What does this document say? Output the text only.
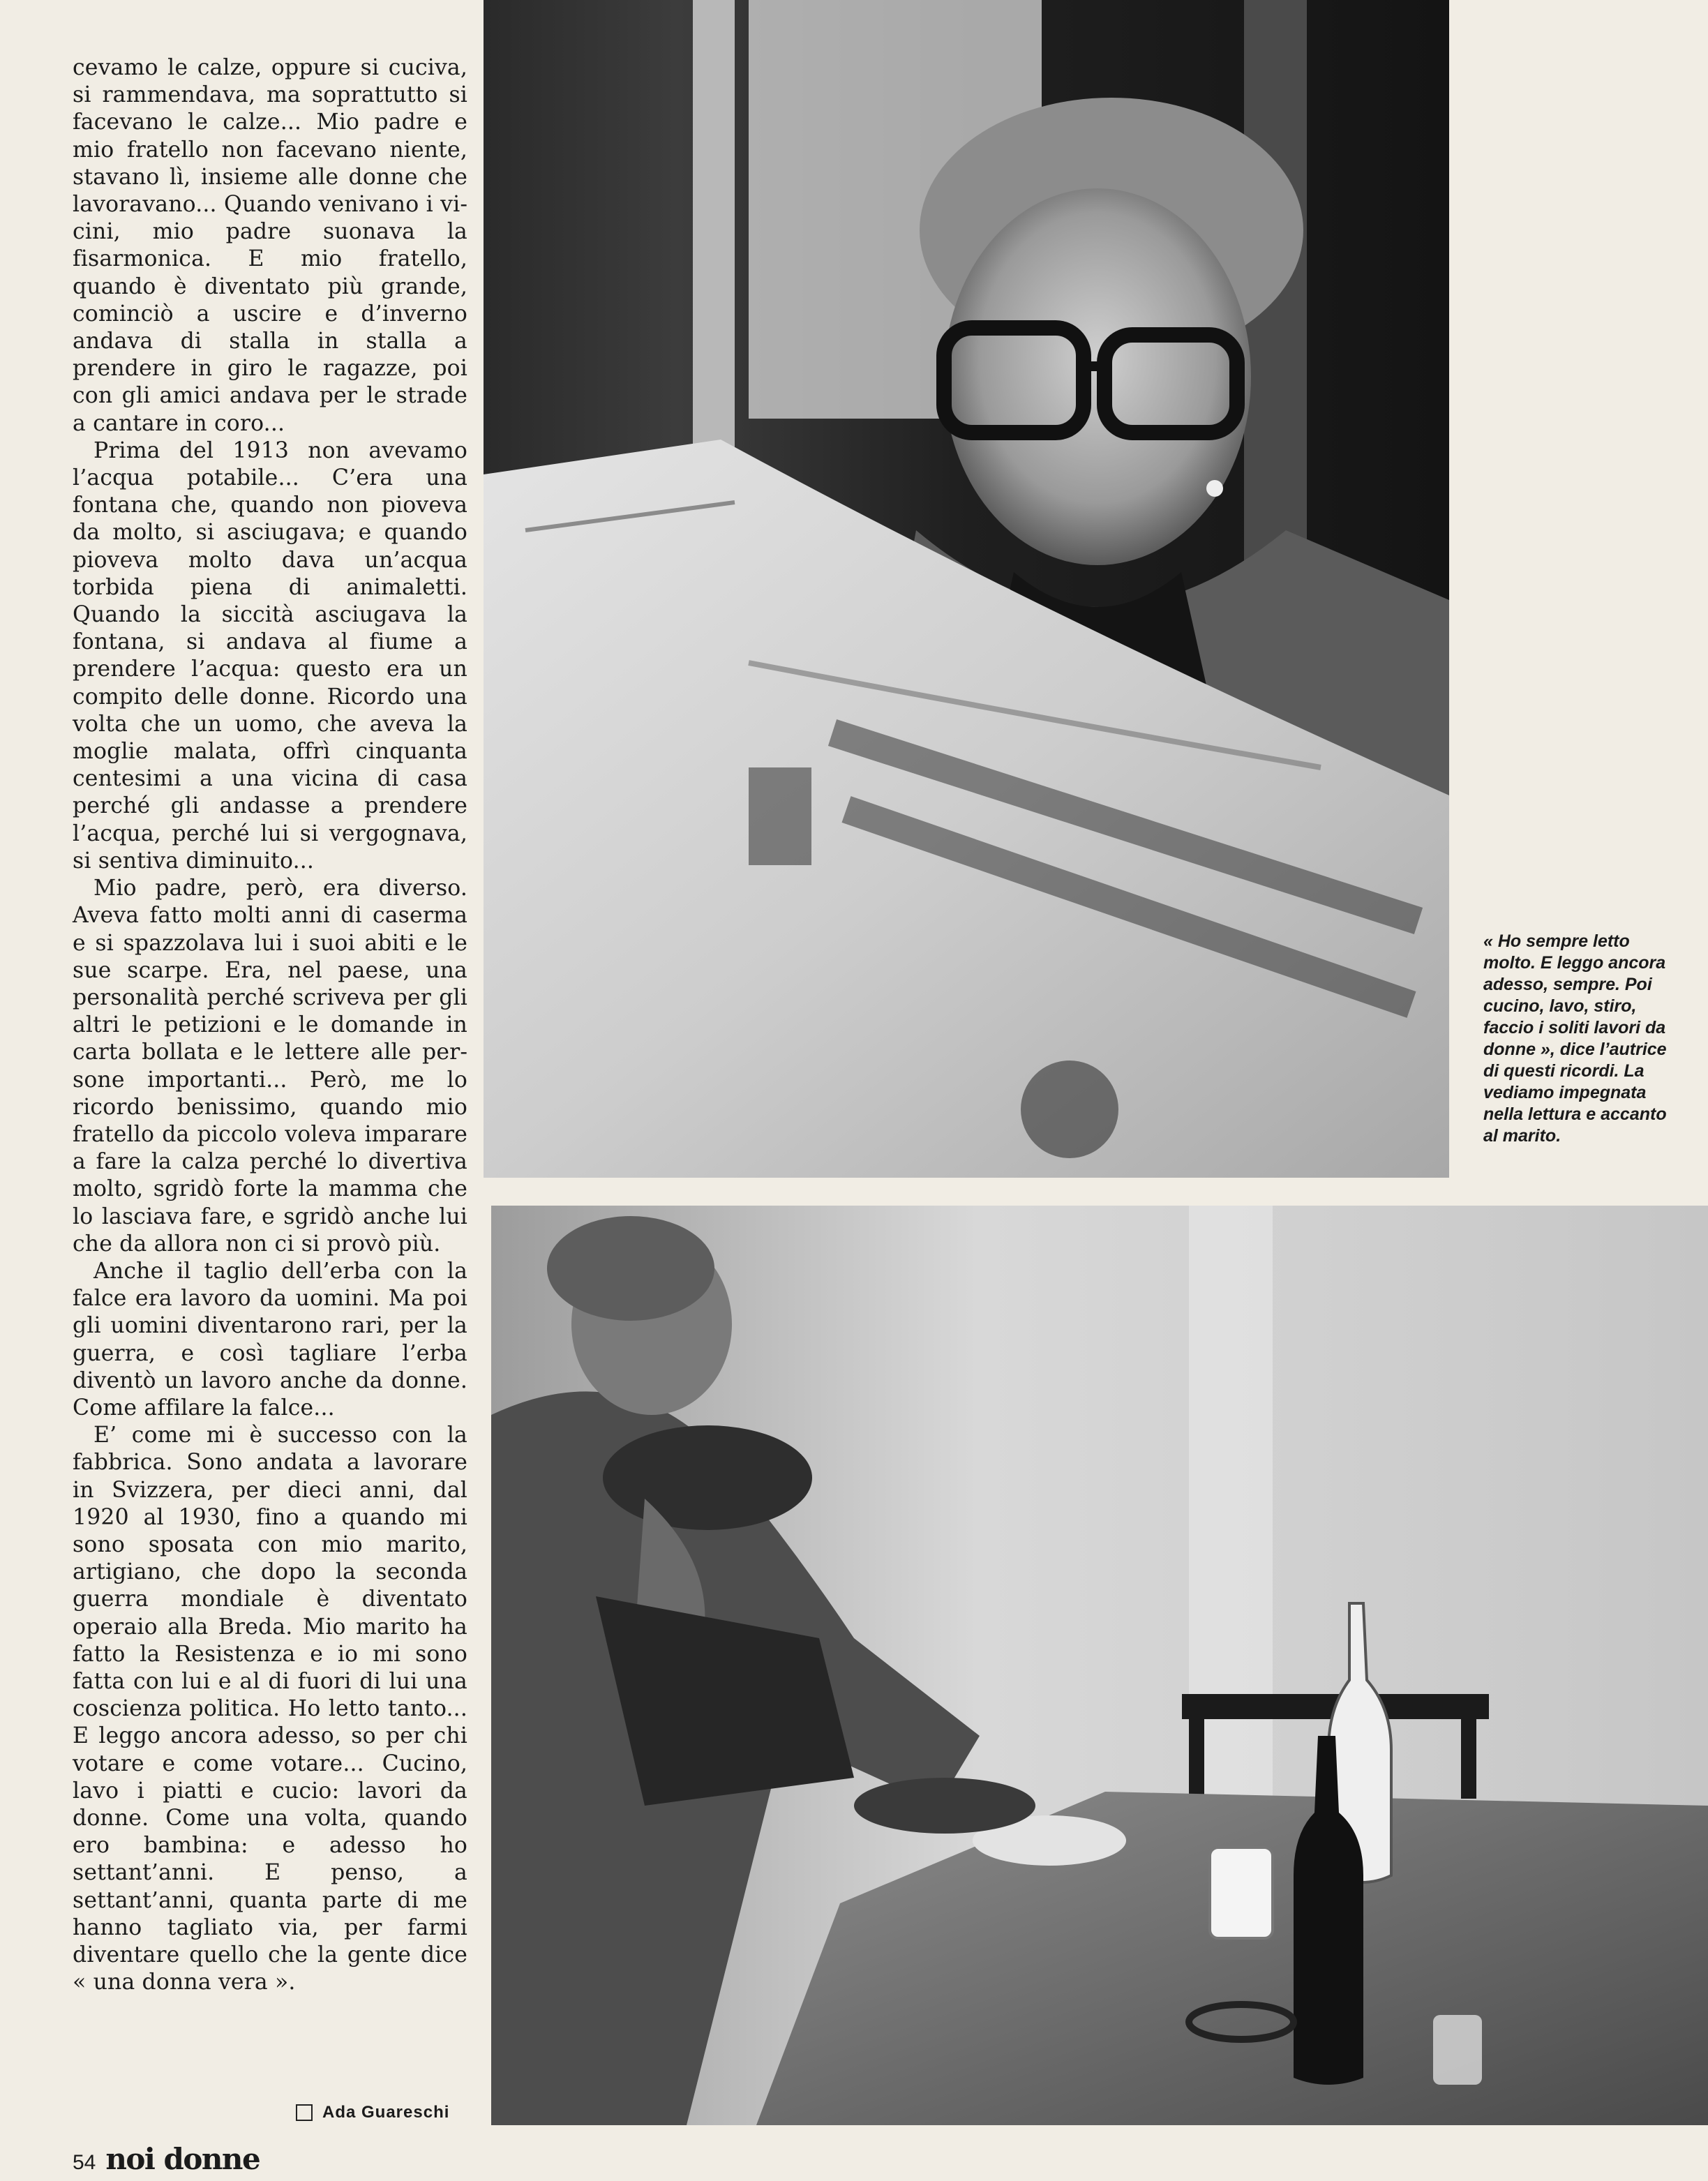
cevamo le calze, oppure si cuciva, si rammendava, ma soprattutto si facevano le calze... Mio padre e mio fratello non facevano niente, stavano lì, insieme alle donne che lavoravano... Quando venivano i vicini, mio padre suonava la fisarmonica. E mio fratello, quando è diventato più grande, cominciò a uscire e d’inverno andava di stalla in stalla a prendere in giro le ragazze, poi con gli amici andava per le strade a cantare in coro...

Prima del 1913 non avevamo l’acqua potabile... C’era una fontana che, quando non pioveva da molto, si asciugava; e quando pioveva molto dava un’acqua torbida piena di animaletti. Quando la siccità asciugava la fontana, si andava al fiume a prendere l’acqua: questo era un compito delle donne. Ricordo una volta che un uomo, che aveva la moglie malata, offrì cinquanta centesimi a una vicina di casa perché gli andasse a prendere l’acqua, perché lui si vergognava, si sentiva diminuito...

Mio padre, però, era diverso. Aveva fatto molti anni di caserma e si spazzolava lui i suoi abiti e le sue scarpe. Era, nel paese, una personalità perché scriveva per gli altri le petizioni e le domande in carta bollata e le lettere alle persone importanti... Però, me lo ricordo benissimo, quando mio fratello da piccolo voleva imparare a fare la calza perché lo divertiva molto, sgridò forte la mamma che lo lasciava fare, e sgridò anche lui che da allora non ci si provò più.

Anche il taglio dell’erba con la falce era lavoro da uomini. Ma poi gli uomini diventarono rari, per la guerra, e così tagliare l’erba diventò un lavoro anche da donne. Come affilare la falce...

E’ come mi è successo con la fabbrica. Sono andata a lavorare in Svizzera, per dieci anni, dal 1920 al 1930, fino a quando mi sono sposata con mio marito, artigiano, che dopo la seconda guerra mondiale è diventato operaio alla Breda. Mio marito ha fatto la Resistenza e io mi sono fatta con lui e al di fuori di lui una coscienza politica. Ho letto tanto... E leggo ancora adesso, so per chi votare e come votare... Cucino, lavo i piatti e cucio: lavori da donne. Come una volta, quando ero bambina: e adesso ho settant’anni. E penso, a settant’anni, quanta parte di me hanno tagliato via, per farmi diventare quello che la gente dice « una donna vera ».

Ada Guareschi
54 noi donne
« Ho sempre letto molto. E leggo ancora adesso, sempre. Poi cucino, lavo, stiro, faccio i soliti lavori da donne », dice l’autrice di questi ricordi. La vediamo impegnata nella lettura e accanto al marito.
